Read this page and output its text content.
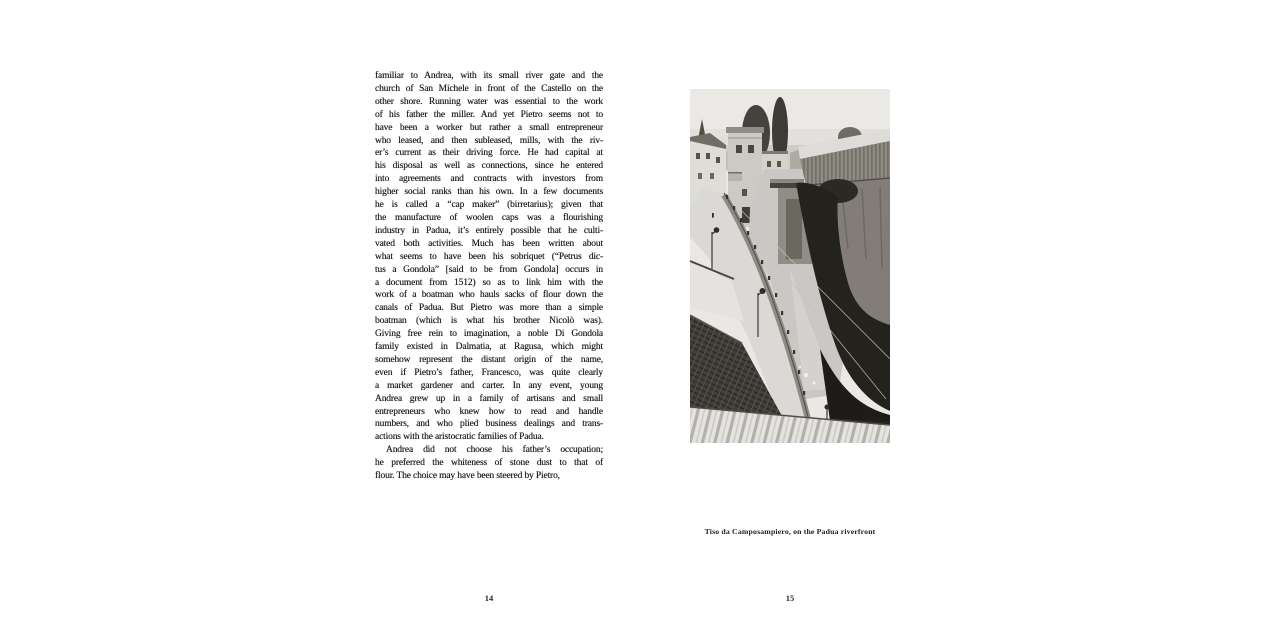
familiar to Andrea, with its small river gate and the
church of San Michele in front of the Castello on the
other shore. Running water was essential to the work
of his father the miller. And yet Pietro seems not to
have been a worker but rather a small entrepreneur
who leased, and then subleased, mills, with the riv-
er’s current as their driving force. He had capital at
his disposal as well as connections, since he entered
into agreements and contracts with investors from
higher social ranks than his own. In a few documents
he is called a “cap maker” (birretarius); given that
the manufacture of woolen caps was a flourishing
industry in Padua, it’s entirely possible that he culti-
vated both activities. Much has been written about
what seems to have been his sobriquet (“Petrus dic-
tus a Gondola” [said to be from Gondola] occurs in
a document from 1512) so as to link him with the
work of a boatman who hauls sacks of flour down the
canals of Padua. But Pietro was more than a simple
boatman (which is what his brother Nicolò was).
Giving free rein to imagination, a noble Di Gondola
family existed in Dalmatia, at Ragusa, which might
somehow represent the distant origin of the name,
even if Pietro’s father, Francesco, was quite clearly
a market gardener and carter. In any event, young
Andrea grew up in a family of artisans and small
entrepreneurs who knew how to read and handle
numbers, and who plied business dealings and trans-
actions with the aristocratic families of Padua.
Andrea did not choose his father’s occupation;
he preferred the whiteness of stone dust to that of
flour. The choice may have been steered by Pietro,
Tiso da Camposampiero, on the Padua riverfront
14	15
